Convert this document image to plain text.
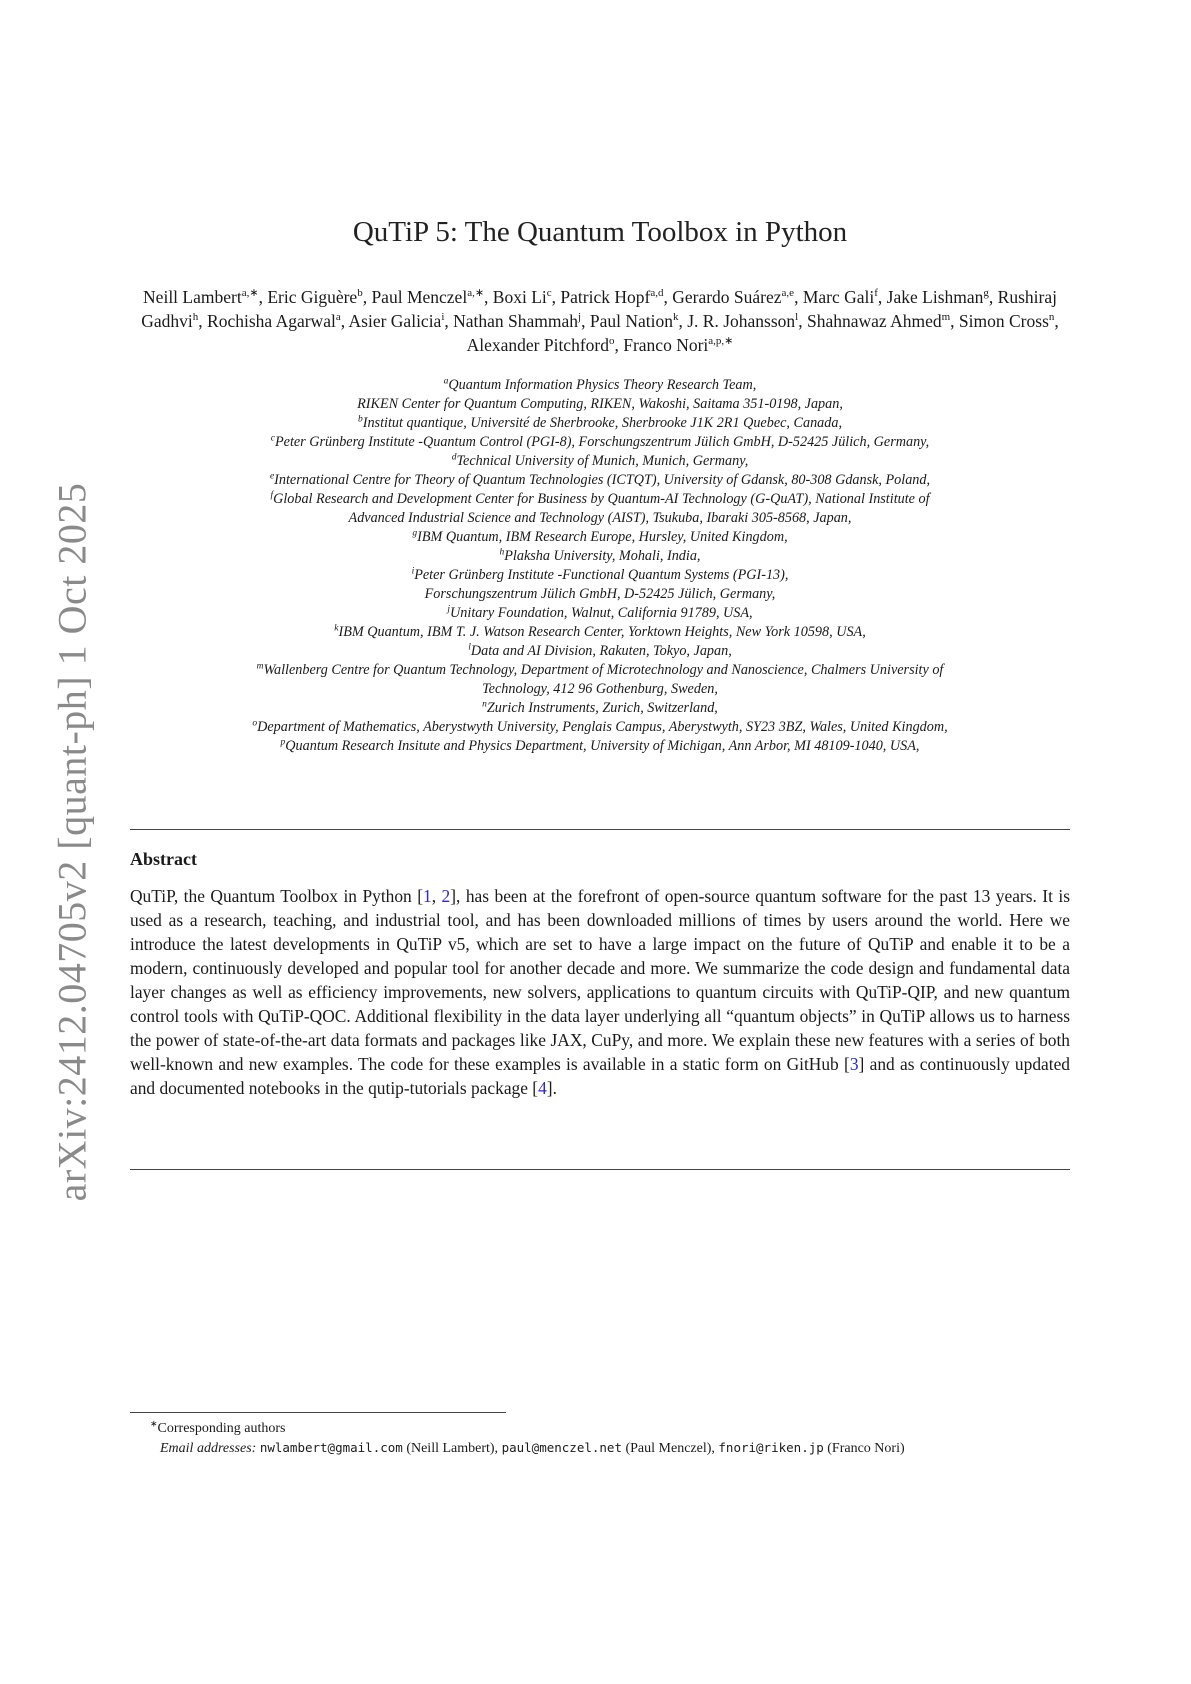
arXiv:2412.04705v2 [quant-ph] 1 Oct 2025
QuTiP 5: The Quantum Toolbox in Python
Neill Lambert$^{a,∗}$, Eric Giguère$^b$, Paul Menczel$^{a,∗}$, Boxi Li$^c$, Patrick Hopf$^{a,d}$, Gerardo Suárez$^{a,e}$, Marc Gali$^f$, Jake Lishman$^g$, Rushiraj Gadhvi$^h$, Rochisha Agarwal$^a$, Asier Galicia$^i$, Nathan Shammah$^j$, Paul Nation$^k$, J. R. Johansson$^l$, Shahnawaz Ahmed$^m$, Simon Cross$^n$, Alexander Pitchford$^o$, Franco Nori$^{a,p,∗}$
$^a$Quantum Information Physics Theory Research Team,
RIKEN Center for Quantum Computing, RIKEN, Wakoshi, Saitama 351-0198, Japan,
$^b$Institut quantique, Université de Sherbrooke, Sherbrooke J1K 2R1 Quebec, Canada,
$^c$Peter Grünberg Institute -Quantum Control (PGI-8), Forschungszentrum Jülich GmbH, D-52425 Jülich, Germany,
$^d$Technical University of Munich, Munich, Germany,
$^e$International Centre for Theory of Quantum Technologies (ICTQT), University of Gdansk, 80-308 Gdansk, Poland,
$^f$Global Research and Development Center for Business by Quantum-AI Technology (G-QuAT), National Institute of
Advanced Industrial Science and Technology (AIST), Tsukuba, Ibaraki 305-8568, Japan,
$^g$IBM Quantum, IBM Research Europe, Hursley, United Kingdom,
$^h$Plaksha University, Mohali, India,
$^i$Peter Grünberg Institute -Functional Quantum Systems (PGI-13),
Forschungszentrum Jülich GmbH, D-52425 Jülich, Germany,
$^j$Unitary Foundation, Walnut, California 91789, USA,
$^k$IBM Quantum, IBM T. J. Watson Research Center, Yorktown Heights, New York 10598, USA,
$^l$Data and AI Division, Rakuten, Tokyo, Japan,
$^m$Wallenberg Centre for Quantum Technology, Department of Microtechnology and Nanoscience, Chalmers University of
Technology, 412 96 Gothenburg, Sweden,
$^n$Zurich Instruments, Zurich, Switzerland,
$^o$Department of Mathematics, Aberystwyth University, Penglais Campus, Aberystwyth, SY23 3BZ, Wales, United Kingdom,
$^p$Quantum Research Insitute and Physics Department, University of Michigan, Ann Arbor, MI 48109-1040, USA,
Abstract
QuTiP, the Quantum Toolbox in Python [1, 2], has been at the forefront of open-source quantum software for the past 13 years. It is used as a research, teaching, and industrial tool, and has been downloaded millions of times by users around the world. Here we introduce the latest developments in QuTiP v5, which are set to have a large impact on the future of QuTiP and enable it to be a modern, continuously developed and popular tool for another decade and more. We summarize the code design and fundamental data layer changes as well as efficiency improvements, new solvers, applications to quantum circuits with QuTiP-QIP, and new quantum control tools with QuTiP-QOC. Additional flexibility in the data layer underlying all “quantum objects” in QuTiP allows us to harness the power of state-of-the-art data formats and packages like JAX, CuPy, and more. We explain these new features with a series of both well-known and new examples. The code for these examples is available in a static form on GitHub [3] and as continuously updated and documented notebooks in the qutip-tutorials package [4].
∗Corresponding authors
Email addresses: nwlambert@gmail.com (Neill Lambert), paul@menczel.net (Paul Menczel), fnori@riken.jp (Franco Nori)
